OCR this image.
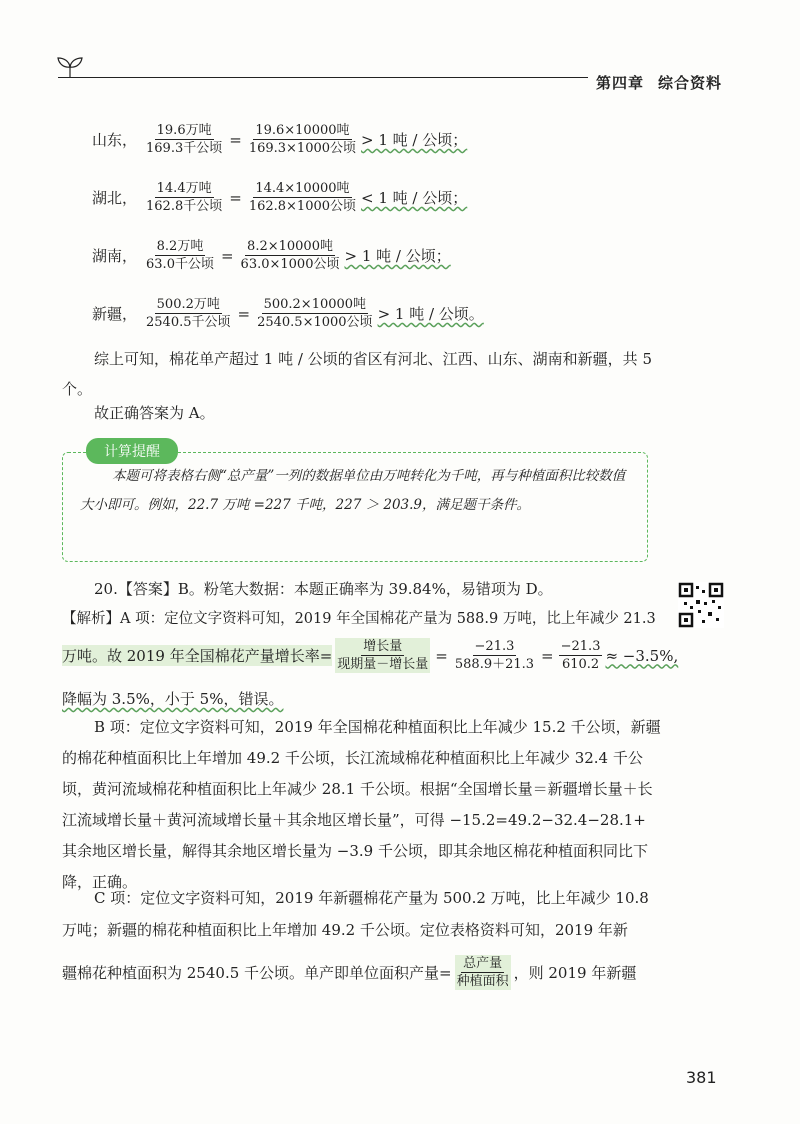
第四章 综合资料
山东， $\frac{\text{19.6万吨}}{\text{169.3千公顷}} = \frac{\text{19.6×10000吨}}{\text{169.3×1000公顷}} > 1$ 吨 / 公顷；
湖北， $\frac{\text{14.4万吨}}{\text{162.8千公顷}} = \frac{\text{14.4×10000吨}}{\text{162.8×1000公顷}} < 1$ 吨 / 公顷；
湖南， $\frac{\text{8.2万吨}}{\text{63.0千公顷}} = \frac{\text{8.2×10000吨}}{\text{63.0×1000公顷}} > 1$ 吨 / 公顷；
新疆， $\frac{\text{500.2万吨}}{\text{2540.5千公顷}} = \frac{\text{500.2×10000吨}}{\text{2540.5×1000公顷}} > 1$ 吨 / 公顷。
综上可知，棉花单产超过 1 吨 / 公顷的省区有河北、江西、山东、湖南和新疆，共 5 个。
故正确答案为 A。
计算提醒
本题可将表格右侧“总产量”一列的数据单位由万吨转化为千吨，再与种植面积比较数值大小即可。例如，22.7 万吨 =227 千吨，227 ＞ 203.9，满足题干条件。
20.【答案】B。粉笔大数据：本题正确率为 39.84%，易错项为 D。
【解析】A 项：定位文字资料可知，2019 年全国棉花产量为 588.9 万吨，比上年减少 21.3
万吨。故 2019 年全国棉花产量增长率= $\frac{\text{增长量}}{\text{现期量－增长量}} = \frac{-21.3}{588.9+21.3} = \frac{-21.3}{610.2} \approx -3.5\%$,
降幅为 3.5%，小于 5%，错误。
B 项：定位文字资料可知，2019 年全国棉花种植面积比上年减少 15.2 千公顷，新疆的棉花种植面积比上年增加 49.2 千公顷，长江流域棉花种植面积比上年减少 32.4 千公顷，黄河流域棉花种植面积比上年减少 28.1 千公顷。根据“全国增长量＝新疆增长量＋长江流域增长量＋黄河流域增长量＋其余地区增长量”，可得 −15.2=49.2−32.4−28.1+ 其余地区增长量，解得其余地区增长量为 −3.9 千公顷，即其余地区棉花种植面积同比下降，正确。
C 项：定位文字资料可知，2019 年新疆棉花产量为 500.2 万吨，比上年减少 10.8 万吨；新疆的棉花种植面积比上年增加 49.2 千公顷。定位表格资料可知，2019 年新
疆棉花种植面积为 2540.5 千公顷。单产即单位面积产量= $\frac{\text{总产量}}{\text{种植面积}}$ ，则 2019 年新疆
381
